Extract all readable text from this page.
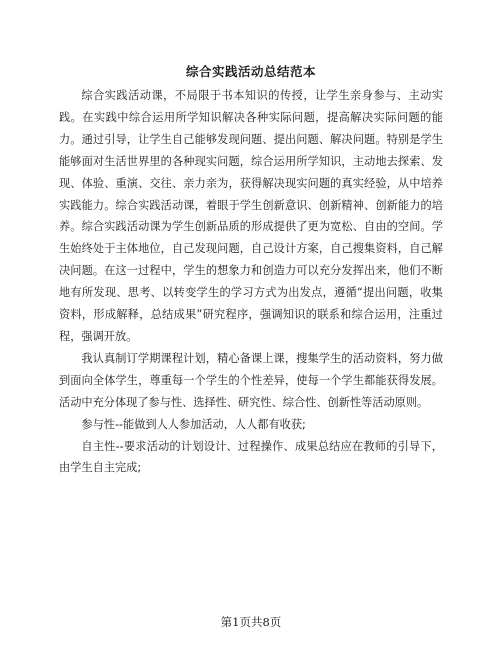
综合实践活动总结范本

综合实践活动课，不局限于书本知识的传授，让学生亲身参与、主动实践。在实践中综合运用所学知识解决各种实际问题，提高解决实际问题的能力。通过引导，让学生自己能够发现问题、提出问题、解决问题。特别是学生能够面对生活世界里的各种现实问题，综合运用所学知识，主动地去探索、发现、体验、重演、交往、亲力亲为，获得解决现实问题的真实经验，从中培养实践能力。综合实践活动课，着眼于学生创新意识、创新精神、创新能力的培养。综合实践活动课为学生创新品质的形成提供了更为宽松、自由的空间。学生始终处于主体地位，自己发现问题，自己设计方案，自己搜集资料，自己解决问题。在这一过程中，学生的想象力和创造力可以充分发挥出来，他们不断地有所发现、思考、以转变学生的学习方式为出发点，遵循“提出问题，收集资料，形成解释，总结成果”研究程序，强调知识的联系和综合运用，注重过程，强调开放。

我认真制订学期课程计划，精心备课上课，搜集学生的活动资料，努力做到面向全体学生，尊重每一个学生的个性差异，使每一个学生都能获得发展。活动中充分体现了参与性、选择性、研究性、综合性、创新性等活动原则。

参与性--能做到人人参加活动，人人都有收获;

自主性--要求活动的计划设计、过程操作、成果总结应在教师的引导下，由学生自主完成;

第1页共8页
